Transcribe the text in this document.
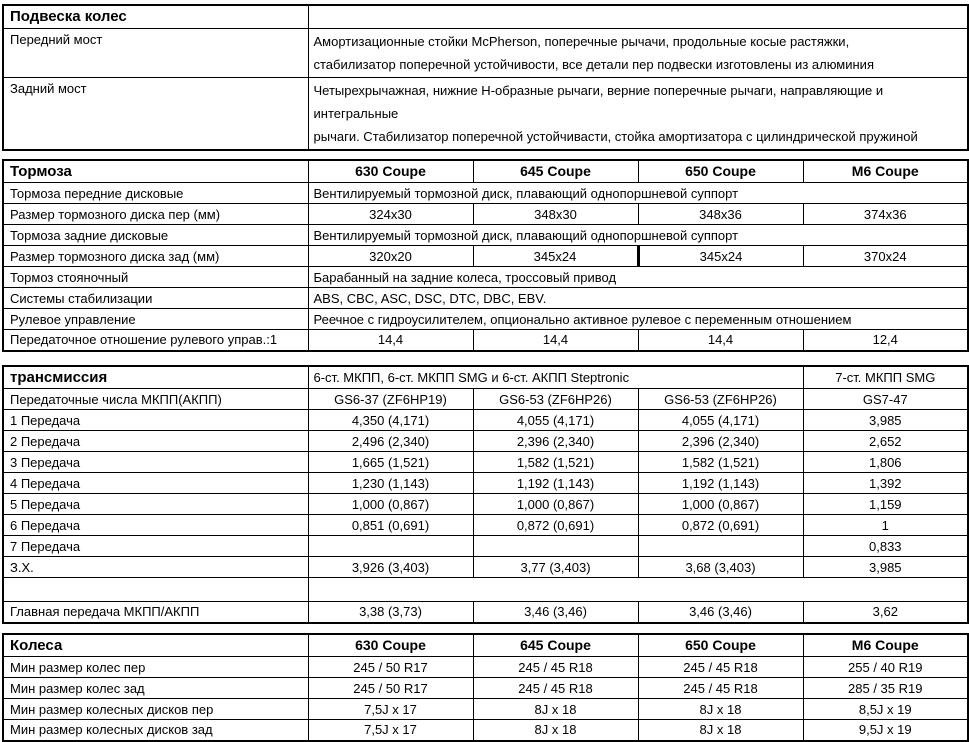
Подвеска колес	
Передний мост	Амортизационные стойки McPherson, поперечные рычачи, продольные косые растяжки,
стабилизатор поперечной устойчивости, все детали пер подвески изготовлены из алюминия

Задний мост	Четырехрычажная, нижние Н-образные рычаги, верние поперечные рычаги, направляющие и интегральные
рычаги. Стабилизатор поперечной устойчивасти, стойка амортизатора с цилиндрической пружиной
Тормоза	630 Coupe	645 Coupe	650 Coupe	M6 Coupe
Тормоза передние дисковые	Вентилируемый тормозной диск, плавающий однопоршневой суппорт			
Размер тормозного диска пер (мм)	324x30	348x30	348x36	374x36
Тормоза задние дисковые	Вентилируемый тормозной диск, плавающий однопоршневой суппорт			
Размер тормозного диска зад (мм)	320x20	345x24	345x24	370x24
Тормоз стояночный	Барабанный на задние колеса, троссовый привод			
Системы стабилизации	ABS, CBC, ASC, DSC, DTC, DBC, EBV.			
Рулевое управление	Реечное с гидроусилителем, опционально активное рулевое с переменным отношением			
Передаточное отношение рулевого управ.:1	14,4	14,4	14,4	12,4
трансмиссия	6-ст. МКПП, 6-ст. МКПП SMG и 6-ст. АКПП Steptronic			7-ст. МКПП SMG
Передаточные числа МКПП(АКПП)	GS6-37 (ZF6HP19)	GS6-53 (ZF6HP26)	GS6-53 (ZF6HP26)	GS7-47
1 Передача	4,350 (4,171)	4,055 (4,171)	4,055 (4,171)	3,985
2 Передача	2,496 (2,340)	2,396 (2,340)	2,396 (2,340)	2,652
3 Передача	1,665 (1,521)	1,582 (1,521)	1,582 (1,521)	1,806
4 Передача	1,230 (1,143)	1,192 (1,143)	1,192 (1,143)	1,392
5 Передача	1,000 (0,867)	1,000 (0,867)	1,000 (0,867)	1,159
6 Передача	0,851 (0,691)	0,872 (0,691)	0,872 (0,691)	1
7 Передача				0,833
З.Х.	3,926 (3,403)	3,77 (3,403)	3,68 (3,403)	3,985

Главная передача МКПП/АКПП	3,38 (3,73)	3,46 (3,46)	3,46 (3,46)	3,62
Колеса	630 Coupe	645 Coupe	650 Coupe	M6 Coupe
Мин размер колес пер	245 / 50 R17	245 / 45 R18	245 / 45 R18	255 / 40 R19
Мин размер колес зад	245 / 50 R17	245 / 45 R18	245 / 45 R18	285 / 35 R19
Мин размер колесных дисков пер	7,5J x 17	8J x 18	8J x 18	8,5J x 19
Мин размер колесных дисков зад	7,5J x 17	8J x 18	8J x 18	9,5J x 19
